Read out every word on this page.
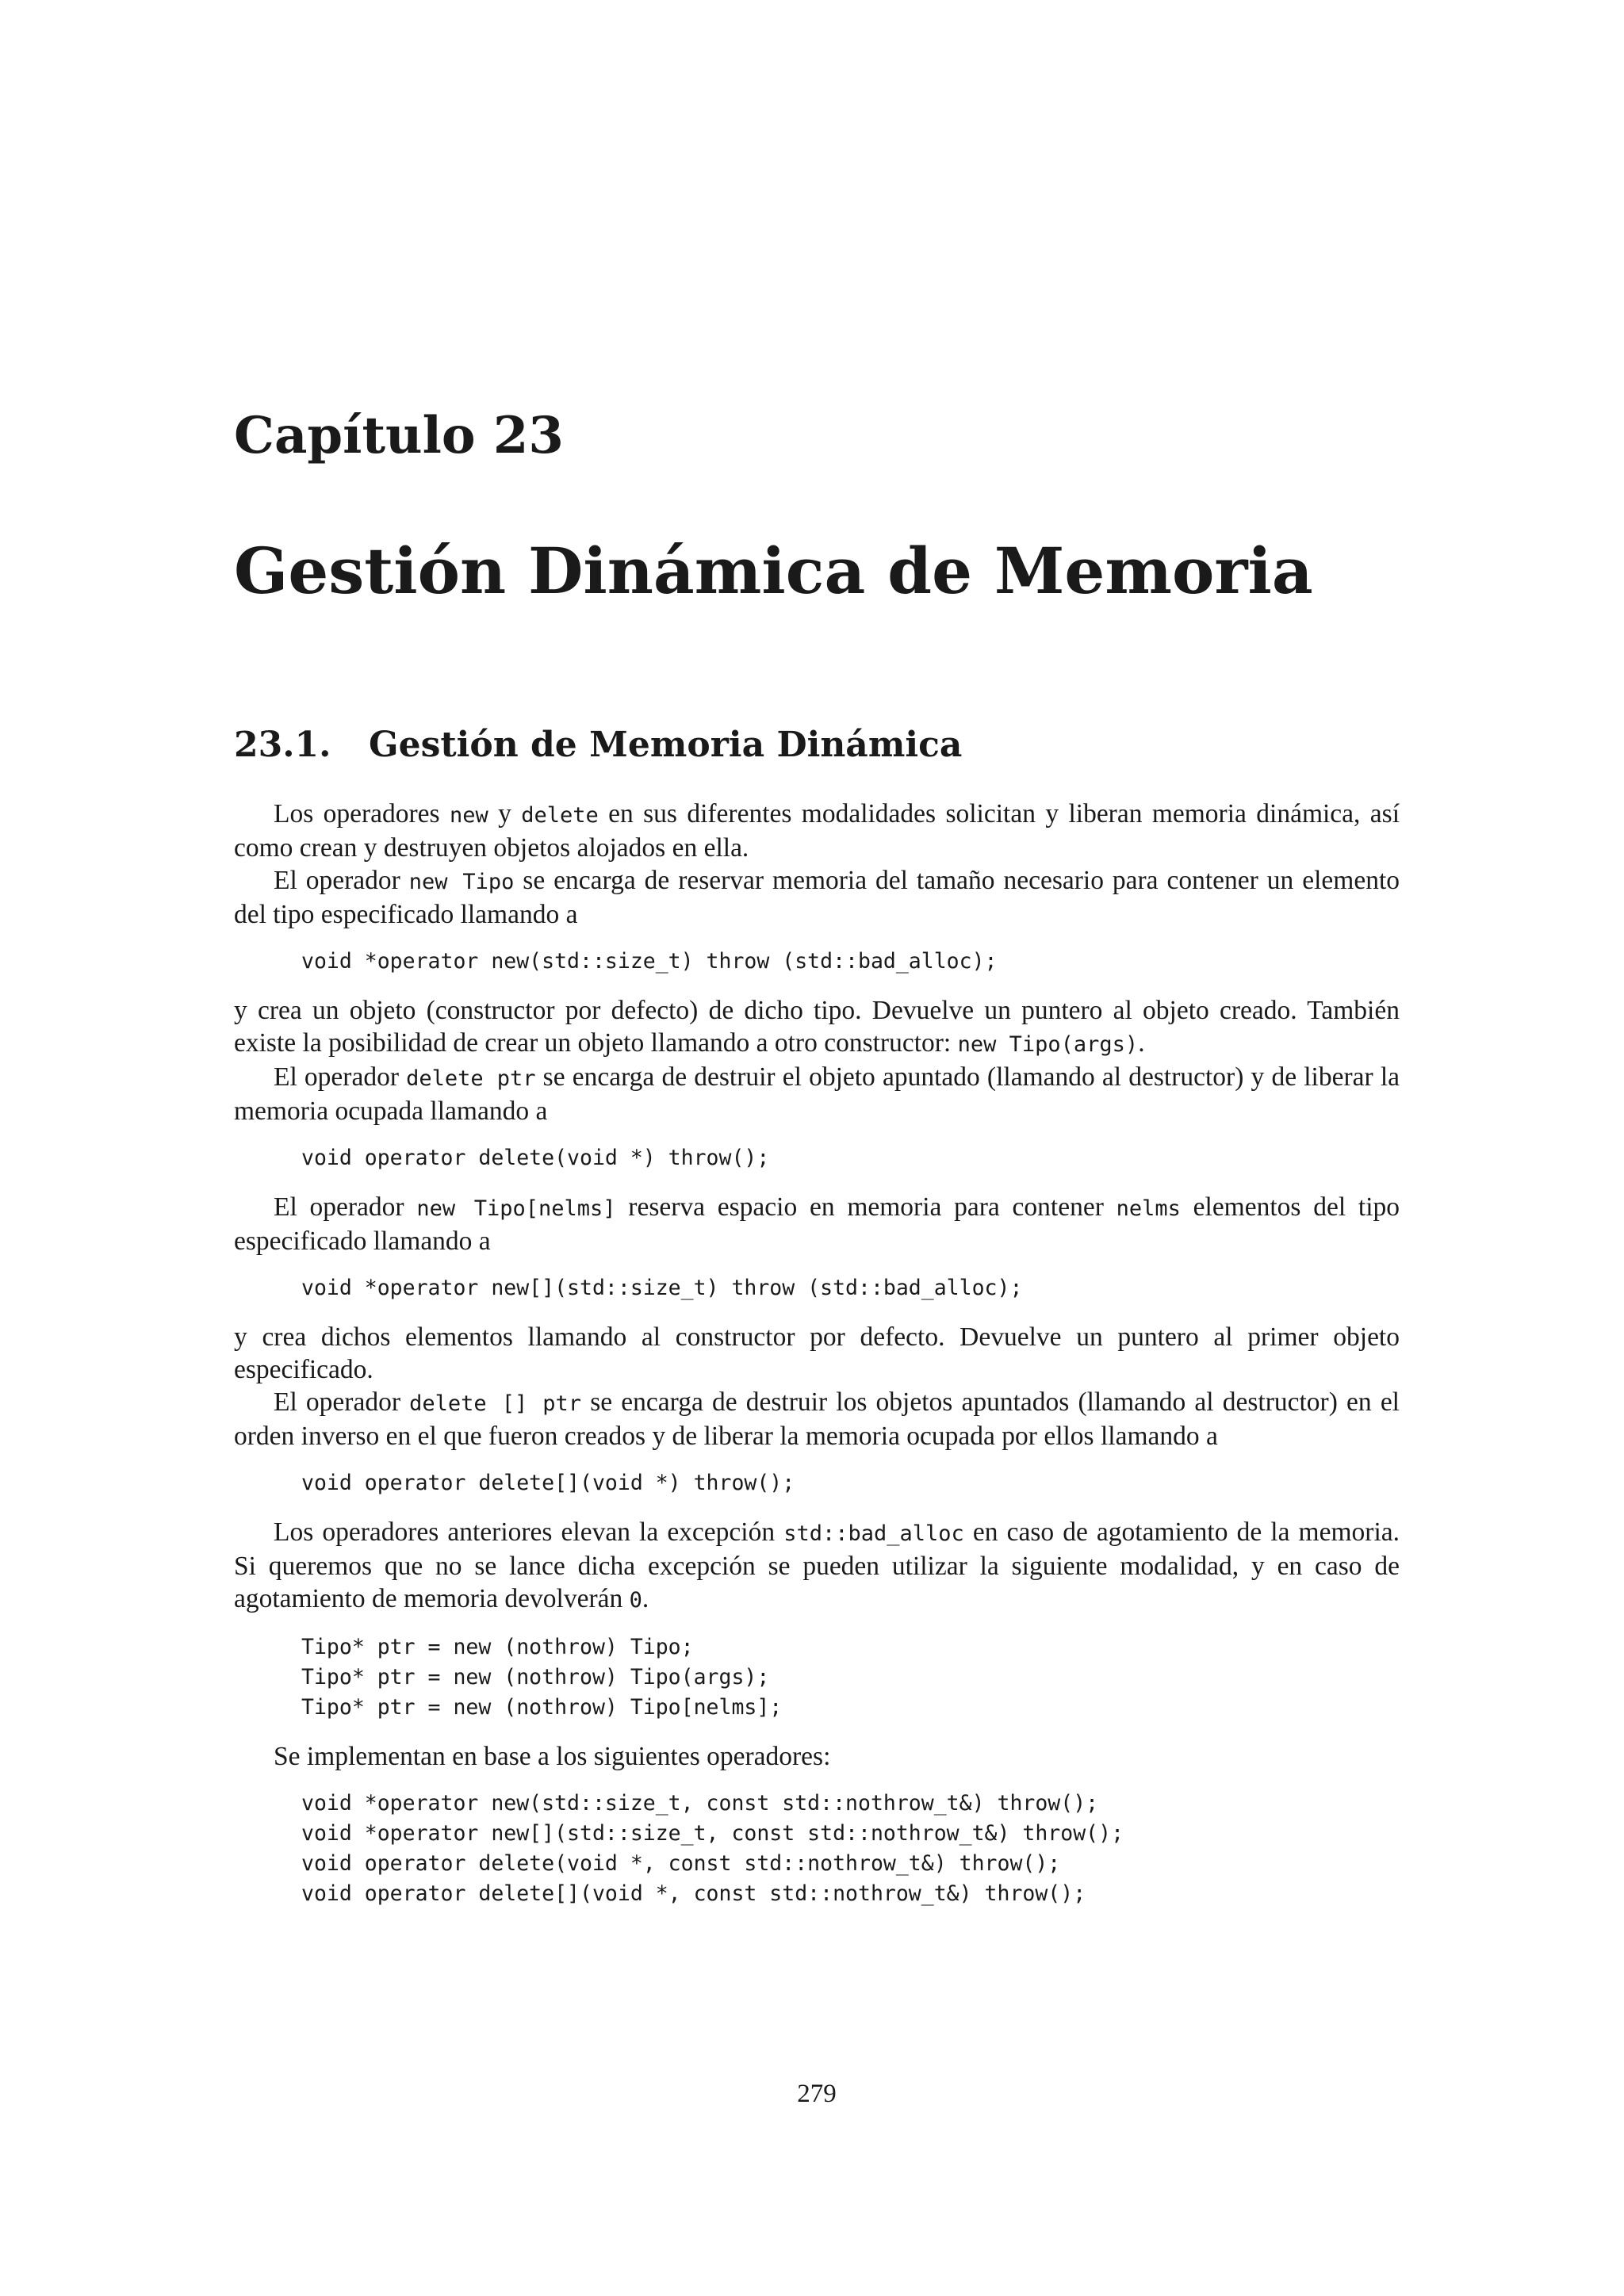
Capítulo 23
Gestión Dinámica de Memoria
23.1. Gestión de Memoria Dinámica

Los operadores new y delete en sus diferentes modalidades solicitan y liberan memoria dinámica, así como crean y destruyen objetos alojados en ella.

El operador new Tipo se encarga de reservar memoria del tamaño necesario para contener un elemento del tipo especificado llamando a

void *operator new(std::size_t) throw (std::bad_alloc);

y crea un objeto (constructor por defecto) de dicho tipo. Devuelve un puntero al objeto creado. También existe la posibilidad de crear un objeto llamando a otro constructor: new Tipo(args).

El operador delete ptr se encarga de destruir el objeto apuntado (llamando al destructor) y de liberar la memoria ocupada llamando a

void operator delete(void *) throw();

El operador new Tipo[nelms] reserva espacio en memoria para contener nelms elementos del tipo especificado llamando a

void *operator new[](std::size_t) throw (std::bad_alloc);

y crea dichos elementos llamando al constructor por defecto. Devuelve un puntero al primer objeto especificado.

El operador delete [] ptr se encarga de destruir los objetos apuntados (llamando al destructor) en el orden inverso en el que fueron creados y de liberar la memoria ocupada por ellos llamando a

void operator delete[](void *) throw();

Los operadores anteriores elevan la excepción std::bad_alloc en caso de agotamiento de la memoria. Si queremos que no se lance dicha excepción se pueden utilizar la siguiente modalidad, y en caso de agotamiento de memoria devolverán 0.

Tipo* ptr = new (nothrow) Tipo;
Tipo* ptr = new (nothrow) Tipo(args);
Tipo* ptr = new (nothrow) Tipo[nelms];

Se implementan en base a los siguientes operadores:

void *operator new(std::size_t, const std::nothrow_t&) throw();
void *operator new[](std::size_t, const std::nothrow_t&) throw();
void operator delete(void *, const std::nothrow_t&) throw();
void operator delete[](void *, const std::nothrow_t&) throw();
279
